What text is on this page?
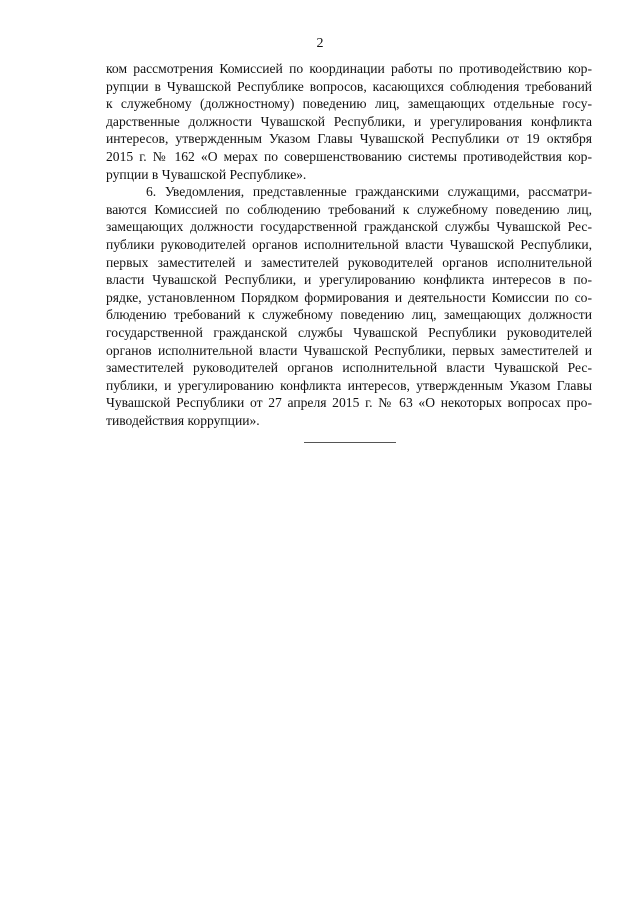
2
ком рассмотрения Комиссией по координации работы по противодействию кор-
рупции в Чувашской Республике вопросов, касающихся соблюдения требований
к служебному (должностному) поведению лиц, замещающих отдельные госу-
дарственные должности Чувашской Республики, и урегулирования конфликта
интересов, утвержденным Указом Главы Чувашской Республики от 19 октября
2015 г. № 162 «О мерах по совершенствованию системы противодействия кор-
рупции в Чувашской Республике».
6. Уведомления, представленные гражданскими служащими, рассматри-
ваются Комиссией по соблюдению требований к служебному поведению лиц,
замещающих должности государственной гражданской службы Чувашской Рес-
публики руководителей органов исполнительной власти Чувашской Республики,
первых заместителей и заместителей руководителей органов исполнительной
власти Чувашской Республики, и урегулированию конфликта интересов в по-
рядке, установленном Порядком формирования и деятельности Комиссии по со-
блюдению требований к служебному поведению лиц, замещающих должности
государственной гражданской службы Чувашской Республики руководителей
органов исполнительной власти Чувашской Республики, первых заместителей и
заместителей руководителей органов исполнительной власти Чувашской Рес-
публики, и урегулированию конфликта интересов, утвержденным Указом Главы
Чувашской Республики от 27 апреля 2015 г. № 63 «О некоторых вопросах про-
тиводействия коррупции».
